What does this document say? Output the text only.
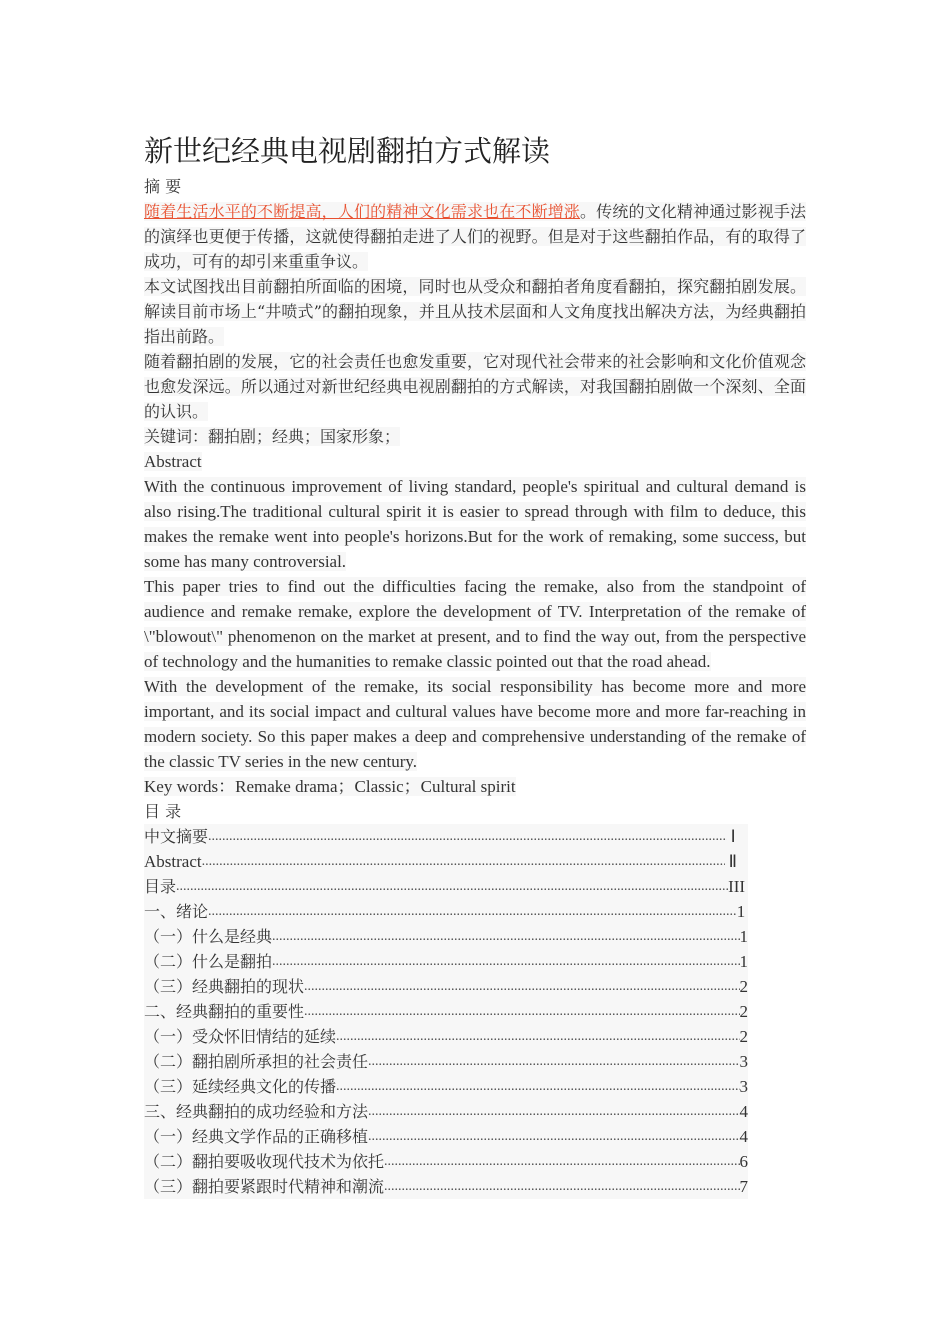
新世纪经典电视剧翻拍方式解读
摘 要
随着生活水平的不断提高，人们的精神文化需求也在不断增涨。传统的文化精神通过影视手法的演绎也更便于传播，这就使得翻拍走进了人们的视野。但是对于这些翻拍作品，有的取得了成功，可有的却引来重重争议。
本文试图找出目前翻拍所面临的困境，同时也从受众和翻拍者角度看翻拍，探究翻拍剧发展。解读目前市场上“井喷式”的翻拍现象，并且从技术层面和人文角度找出解决方法，为经典翻拍指出前路。
随着翻拍剧的发展，它的社会责任也愈发重要，它对现代社会带来的社会影响和文化价值观念也愈发深远。所以通过对新世纪经典电视剧翻拍的方式解读，对我国翻拍剧做一个深刻、全面的认识。
关键词：翻拍剧；经典；国家形象；
Abstract
With the continuous improvement of living standard, people's spiritual and cultural demand is also rising.The traditional cultural spirit it is easier to spread through with film to deduce, this makes the remake went into people's horizons.But for the work of remaking, some success, but some has many controversial.
This paper tries to find out the difficulties facing the remake, also from the standpoint of audience and remake remake, explore the development of TV. Interpretation of the remake of \"blowout\" phenomenon on the market at present, and to find the way out, from the perspective of technology and the humanities to remake classic pointed out that the road ahead.
With the development of the remake, its social responsibility has become more and more important, and its social impact and cultural values have become more and more far-reaching in modern society. So this paper makes a deep and comprehensive understanding of the remake of the classic TV series in the new century.
Key words：Remake drama；Classic；Cultural spirit
目 录
中文摘要 .....	Ⅰ
Abstract .....	Ⅱ
目录 .....	III
一、绪论 .....	1
（一）什么是经典 .....	1
（二）什么是翻拍 .....	1
（三）经典翻拍的现状 .....	2
二、经典翻拍的重要性 .....	2
（一）受众怀旧情结的延续 .....	2
（二）翻拍剧所承担的社会责任 .....	3
（三）延续经典文化的传播 .....	3
三、经典翻拍的成功经验和方法 .....	4
（一）经典文学作品的正确移植 .....	4
（二）翻拍要吸收现代技术为依托 .....	6
（三）翻拍要紧跟时代精神和潮流 .....	7
